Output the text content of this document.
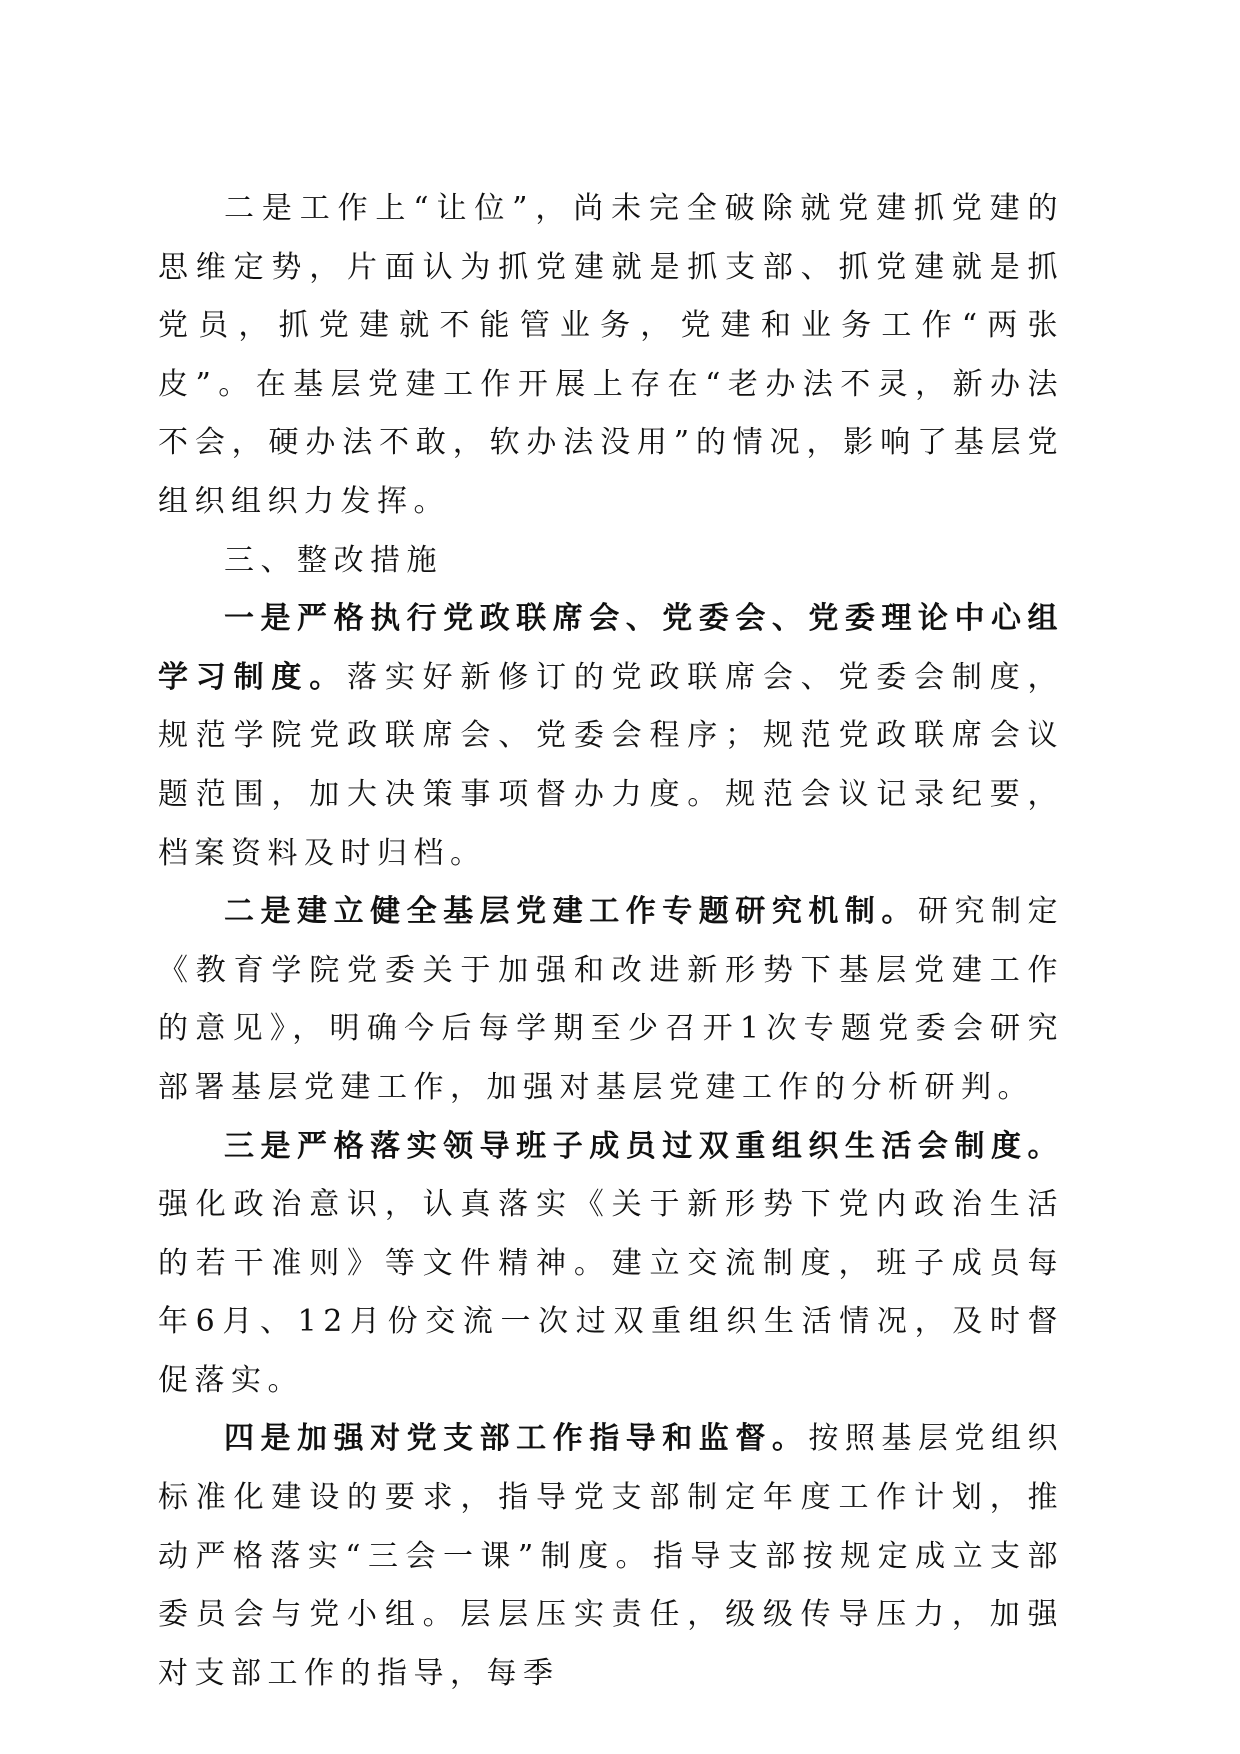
二是工作上“让位”，尚未完全破除就党建抓党建的思维定势，片面认为抓党建就是抓支部、抓党建就是抓党员，抓党建就不能管业务，党建和业务工作“两张皮”。在基层党建工作开展上存在“老办法不灵，新办法不会，硬办法不敢，软办法没用”的情况，影响了基层党组织组织力发挥。

三、整改措施

一是严格执行党政联席会、党委会、党委理论中心组学习制度。落实好新修订的党政联席会、党委会制度，规范学院党政联席会、党委会程序；规范党政联席会议题范围，加大决策事项督办力度。规范会议记录纪要，档案资料及时归档。

二是建立健全基层党建工作专题研究机制。研究制定《教育学院党委关于加强和改进新形势下基层党建工作的意见》，明确今后每学期至少召开1次专题党委会研究部署基层党建工作，加强对基层党建工作的分析研判。

三是严格落实领导班子成员过双重组织生活会制度。强化政治意识，认真落实《关于新形势下党内政治生活的若干准则》等文件精神。建立交流制度，班子成员每年6月、12月份交流一次过双重组织生活情况，及时督促落实。

四是加强对党支部工作指导和监督。按照基层党组织标准化建设的要求，指导党支部制定年度工作计划，推动严格落实“三会一课”制度。指导支部按规定成立支部委员会与党小组。层层压实责任，级级传导压力，加强对支部工作的指导，每季
